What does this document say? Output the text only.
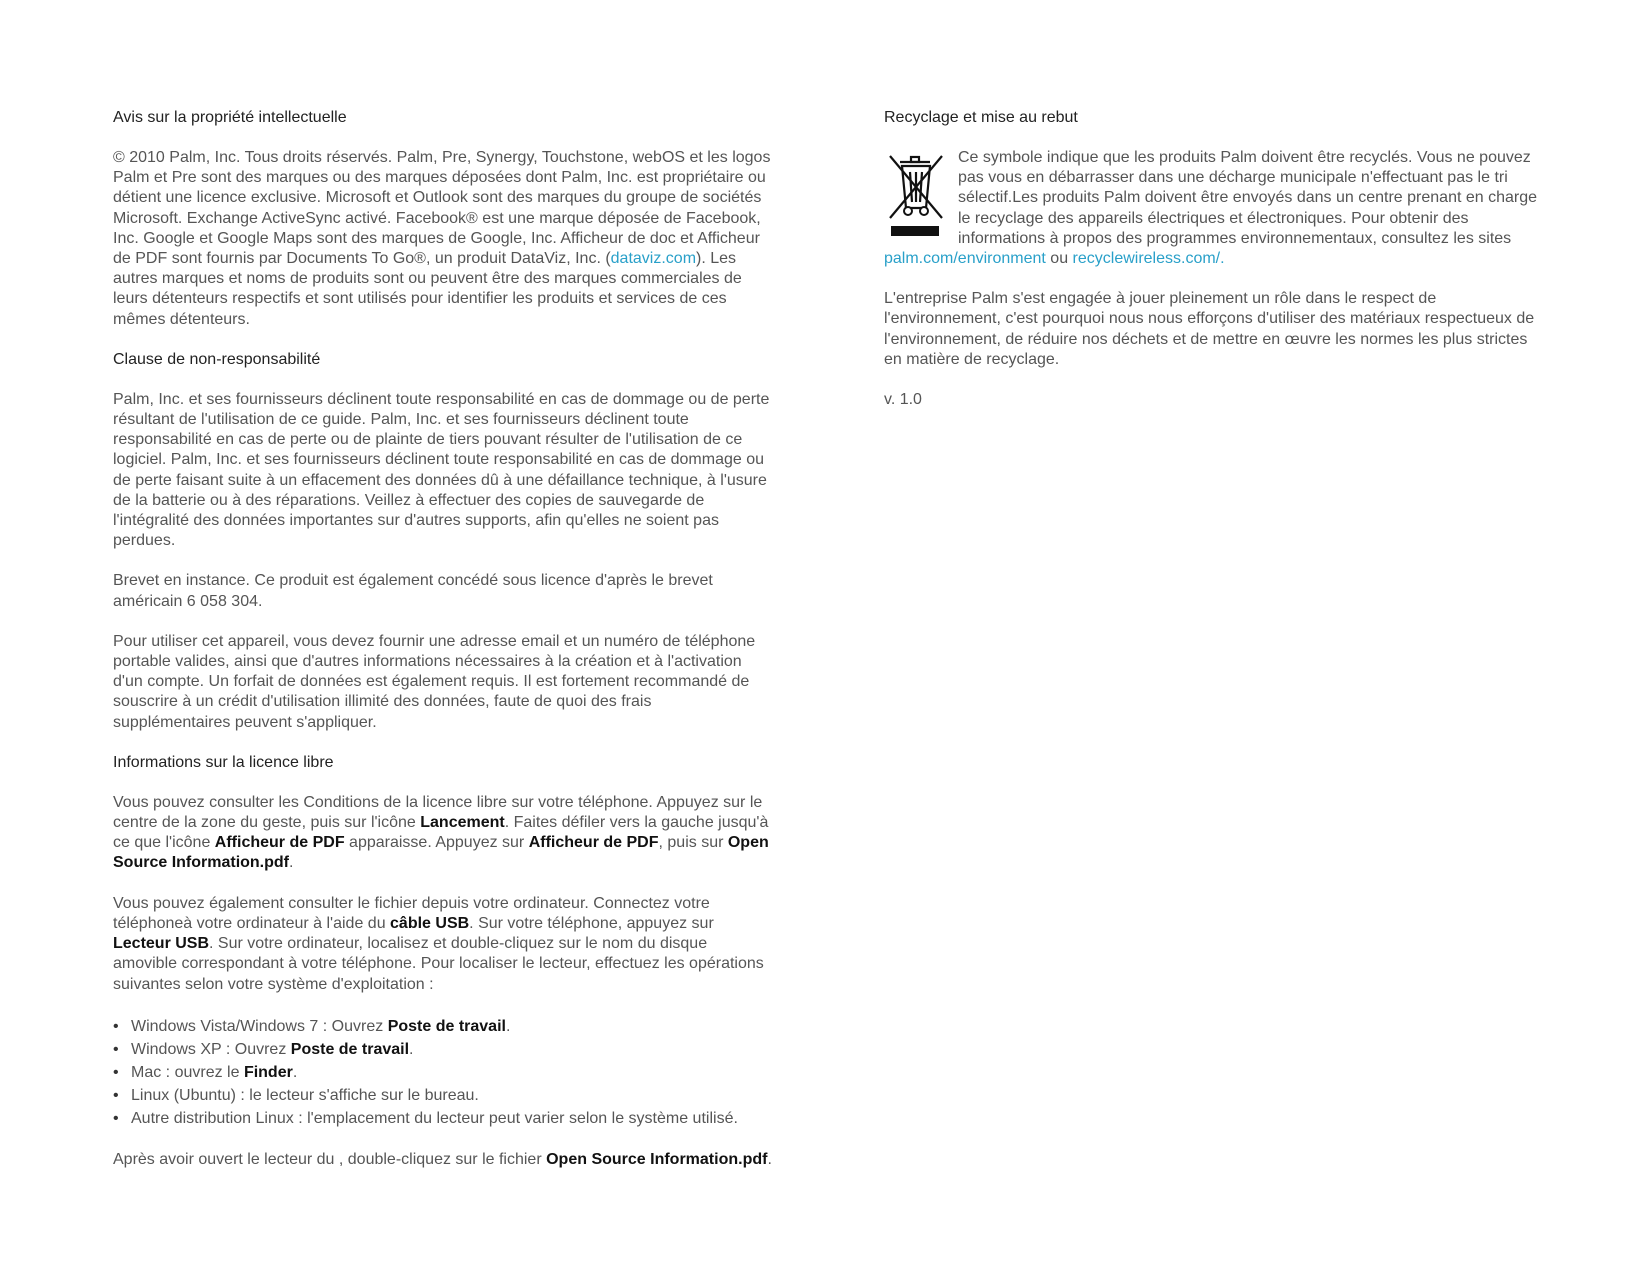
Avis sur la propriété intellectuelle

© 2010 Palm, Inc. Tous droits réservés. Palm, Pre, Synergy, Touchstone, webOS et les logos Palm et Pre sont des marques ou des marques déposées dont Palm, Inc. est propriétaire ou détient une licence exclusive. Microsoft et Outlook sont des marques du groupe de sociétés Microsoft. Exchange ActiveSync activé. Facebook® est une marque déposée de Facebook, Inc. Google et Google Maps sont des marques de Google, Inc. Afficheur de doc et Afficheur de PDF sont fournis par Documents To Go®, un produit DataViz, Inc. (dataviz.com). Les autres marques et noms de produits sont ou peuvent être des marques commerciales de leurs détenteurs respectifs et sont utilisés pour identifier les produits et services de ces mêmes détenteurs.

Clause de non-responsabilité

Palm, Inc. et ses fournisseurs déclinent toute responsabilité en cas de dommage ou de perte résultant de l'utilisation de ce guide. Palm, Inc. et ses fournisseurs déclinent toute responsabilité en cas de perte ou de plainte de tiers pouvant résulter de l'utilisation de ce logiciel. Palm, Inc. et ses fournisseurs déclinent toute responsabilité en cas de dommage ou de perte faisant suite à un effacement des données dû à une défaillance technique, à l'usure de la batterie ou à des réparations. Veillez à effectuer des copies de sauvegarde de l'intégralité des données importantes sur d'autres supports, afin qu'elles ne soient pas perdues.

Brevet en instance. Ce produit est également concédé sous licence d'après le brevet américain 6 058 304.

Pour utiliser cet appareil, vous devez fournir une adresse email et un numéro de téléphone portable valides, ainsi que d'autres informations nécessaires à la création et à l'activation d'un compte. Un forfait de données est également requis. Il est fortement recommandé de souscrire à un crédit d'utilisation illimité des données, faute de quoi des frais supplémentaires peuvent s'appliquer.

Informations sur la licence libre

Vous pouvez consulter les Conditions de la licence libre sur votre téléphone. Appuyez sur le centre de la zone du geste, puis sur l'icône Lancement. Faites défiler vers la gauche jusqu'à ce que l'icône Afficheur de PDF apparaisse. Appuyez sur Afficheur de PDF, puis sur Open Source Information.pdf.

Vous pouvez également consulter le fichier depuis votre ordinateur. Connectez votre téléphoneà votre ordinateur à l'aide du câble USB. Sur votre téléphone, appuyez sur Lecteur USB. Sur votre ordinateur, localisez et double-cliquez sur le nom du disque amovible correspondant à votre téléphone. Pour localiser le lecteur, effectuez les opérations suivantes selon votre système d'exploitation :

• Windows Vista/Windows 7 : Ouvrez Poste de travail.
• Windows XP : Ouvrez Poste de travail.
• Mac : ouvrez le Finder.
• Linux (Ubuntu) : le lecteur s'affiche sur le bureau.
• Autre distribution Linux : l'emplacement du lecteur peut varier selon le système utilisé.

Après avoir ouvert le lecteur du , double-cliquez sur le fichier Open Source Information.pdf.

Recyclage et mise au rebut

Ce symbole indique que les produits Palm doivent être recyclés. Vous ne pouvez pas vous en débarrasser dans une décharge municipale n'effectuant pas le tri sélectif.Les produits Palm doivent être envoyés dans un centre prenant en charge le recyclage des appareils électriques et électroniques. Pour obtenir des informations à propos des programmes environnementaux, consultez les sites palm.com/environment ou recyclewireless.com/.

L'entreprise Palm s'est engagée à jouer pleinement un rôle dans le respect de l'environnement, c'est pourquoi nous nous efforçons d'utiliser des matériaux respectueux de l'environnement, de réduire nos déchets et de mettre en œuvre les normes les plus strictes en matière de recyclage.

v. 1.0
